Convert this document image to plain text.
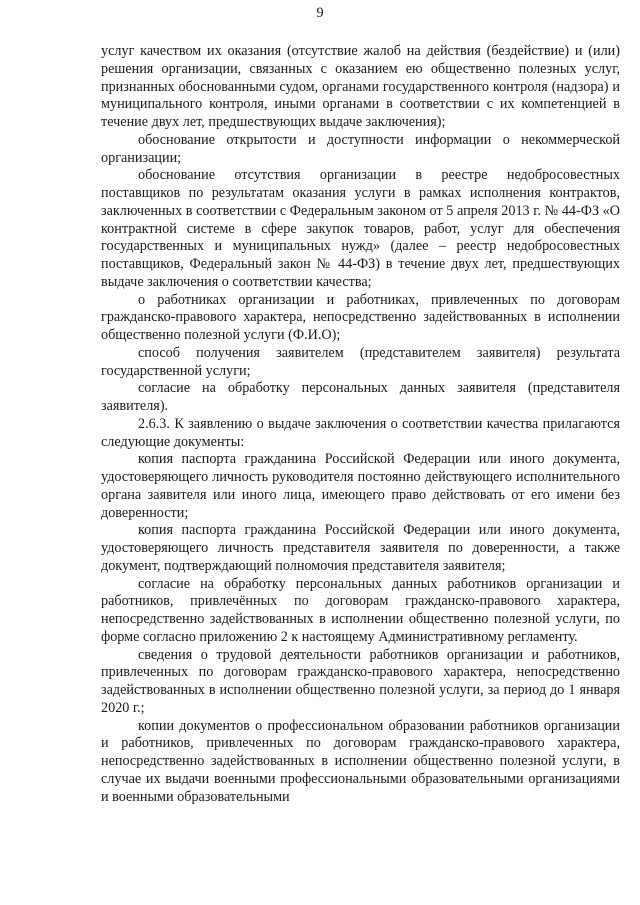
9

услуг качеством их оказания (отсутствие жалоб на действия (бездействие) и (или) решения организации, связанных с оказанием ею общественно полезных услуг, признанных обоснованными судом, органами государственного контроля (надзора) и муниципального контроля, иными органами в соответствии с их компетенцией в течение двух лет, предшествующих выдаче заключения);

обоснование открытости и доступности информации о некоммерческой организации;

обоснование отсутствия организации в реестре недобросовестных поставщиков по результатам оказания услуги в рамках исполнения контрактов, заключенных в соответствии с Федеральным законом от 5 апреля 2013 г. № 44-ФЗ «О контрактной системе в сфере закупок товаров, работ, услуг для обеспечения государственных и муниципальных нужд» (далее – реестр недобросовестных поставщиков, Федеральный закон № 44-ФЗ) в течение двух лет, предшествующих выдаче заключения о соответствии качества;

о работниках организации и работниках, привлеченных по договорам гражданско-правового характера, непосредственно задействованных в исполнении общественно полезной услуги (Ф.И.О);

способ получения заявителем (представителем заявителя) результата государственной услуги;

согласие на обработку персональных данных заявителя (представителя заявителя).

2.6.3. К заявлению о выдаче заключения о соответствии качества прилагаются следующие документы:

копия паспорта гражданина Российской Федерации или иного документа, удостоверяющего личность руководителя постоянно действующего исполнительного органа заявителя или иного лица, имеющего право действовать от его имени без доверенности;

копия паспорта гражданина Российской Федерации или иного документа, удостоверяющего личность представителя заявителя по доверенности, а также документ, подтверждающий полномочия представителя заявителя;

согласие на обработку персональных данных работников организации и работников, привлечённых по договорам гражданско-правового характера, непосредственно задействованных в исполнении общественно полезной услуги, по форме согласно приложению 2 к настоящему Административному регламенту.

сведения о трудовой деятельности работников организации и работников, привлеченных по договорам гражданско-правового характера, непосредственно задействованных в исполнении общественно полезной услуги, за период до 1 января 2020 г.;

копии документов о профессиональном образовании работников организации и работников, привлеченных по договорам гражданско-правового характера, непосредственно задействованных в исполнении общественно полезной услуги, в случае их выдачи военными профессиональными образовательными организациями и военными образовательными
